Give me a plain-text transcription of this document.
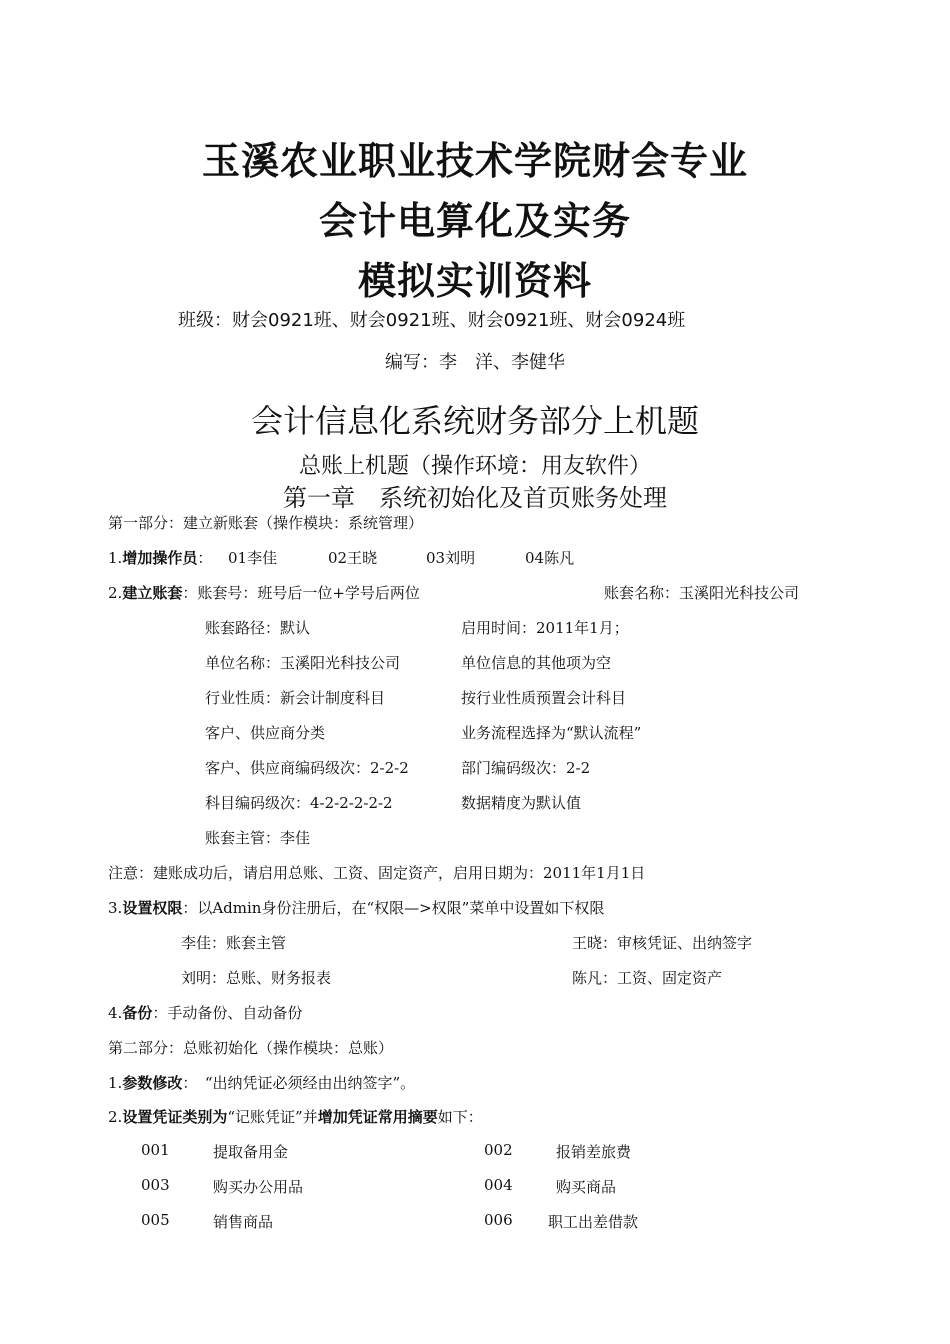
玉溪农业职业技术学院财会专业
会计电算化及实务
模拟实训资料
班级：财会0921班、财会0921班、财会0921班、财会0924班
编写：李　洋、李健华
会计信息化系统财务部分上机题
总账上机题（操作环境：用友软件）
第一章　系统初始化及首页账务处理
第一部分：建立新账套（操作模块：系统管理）
1.增加操作员： 01李佳	02王晓	03刘明	04陈凡
2.建立账套：账套号：班号后一位+学号后两位	账套名称：玉溪阳光科技公司
账套路径：默认	启用时间：2011年1月；
单位名称：玉溪阳光科技公司	单位信息的其他项为空
行业性质：新会计制度科目	按行业性质预置会计科目
客户、供应商分类	业务流程选择为“默认流程”
客户、供应商编码级次：2-2-2	部门编码级次：2-2
科目编码级次：4-2-2-2-2-2	数据精度为默认值
账套主管：李佳
注意：建账成功后，请启用总账、工资、固定资产，启用日期为：2011年1月1日
3.设置权限：以Admin身份注册后，在“权限—>权限”菜单中设置如下权限
李佳：账套主管	王晓：审核凭证、出纳签字
刘明：总账、财务报表	陈凡：工资、固定资产
4.备份：手动备份、自动备份
第二部分：总账初始化（操作模块：总账）
1.参数修改：　“出纳凭证必须经由出纳签字”。
2.设置凭证类别为“记账凭证”并增加凭证常用摘要如下：
001	提取备用金	002	报销差旅费
003	购买办公用品	004	购买商品
005	销售商品	006 职工出差借款
